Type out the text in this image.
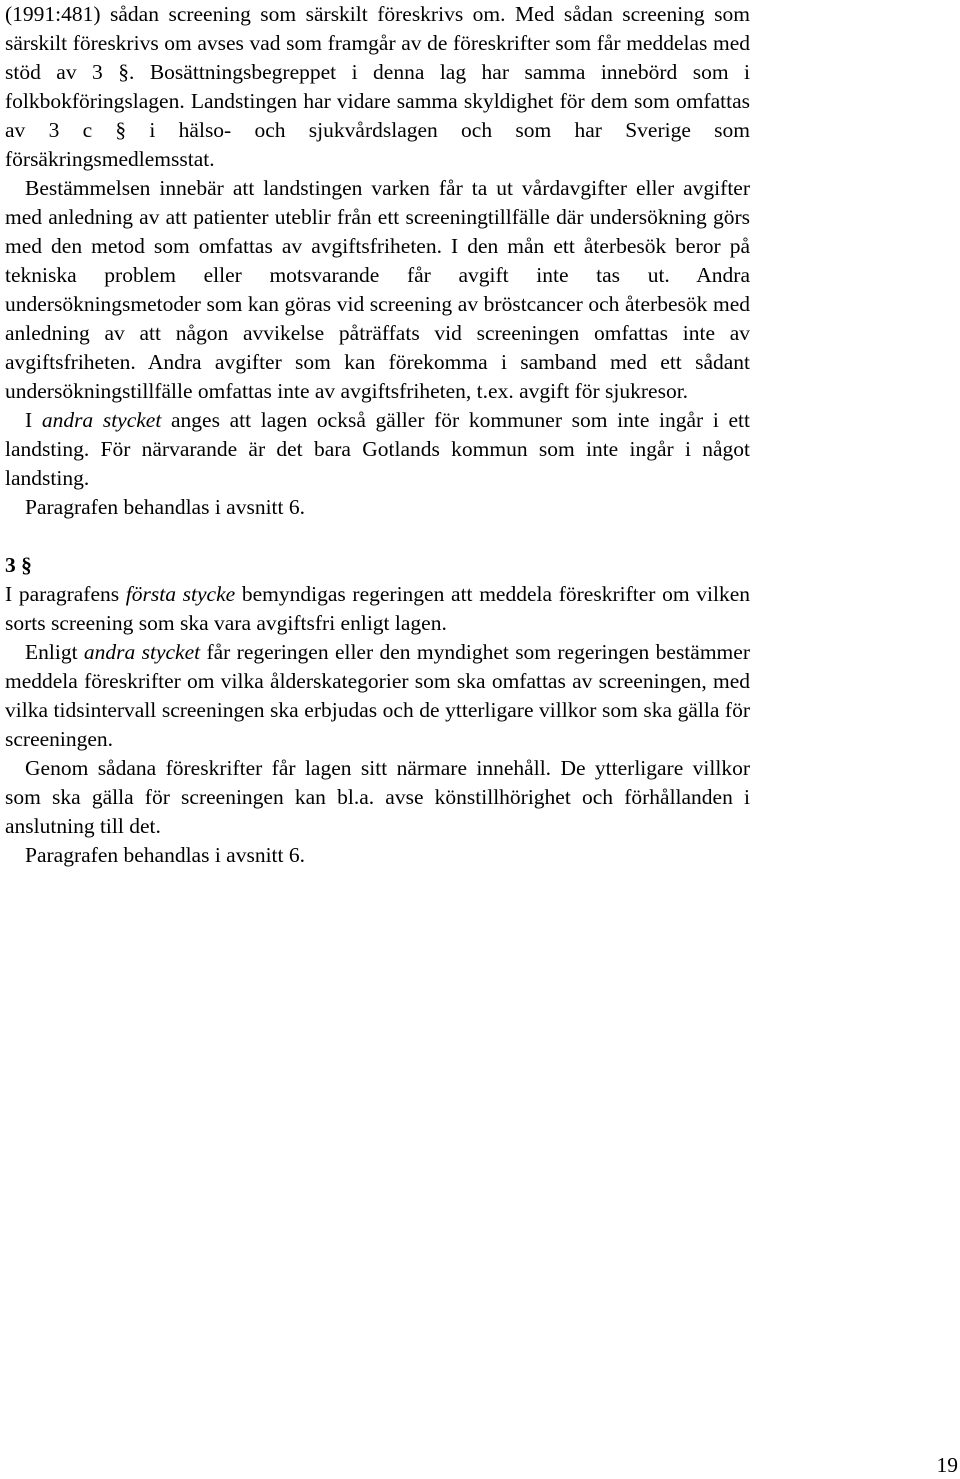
(1991:481) sådan screening som särskilt föreskrivs om. Med sådan screening som särskilt föreskrivs om avses vad som framgår av de föreskrifter som får meddelas med stöd av 3 §. Bosättningsbegreppet i denna lag har samma innebörd som i folkbokföringslagen. Landstingen har vidare samma skyldighet för dem som omfattas av 3 c § i hälso- och sjukvårdslagen och som har Sverige som försäkringsmedlemsstat.

Bestämmelsen innebär att landstingen varken får ta ut vårdavgifter eller avgifter med anledning av att patienter uteblir från ett screeningtillfälle där undersökning görs med den metod som omfattas av avgiftsfriheten. I den mån ett återbesök beror på tekniska problem eller motsvarande får avgift inte tas ut. Andra undersökningsmetoder som kan göras vid screening av bröstcancer och återbesök med anledning av att någon avvikelse påträffats vid screeningen omfattas inte av avgiftsfriheten. Andra avgifter som kan förekomma i samband med ett sådant undersökningstillfälle omfattas inte av avgiftsfriheten, t.ex. avgift för sjukresor.

I andra stycket anges att lagen också gäller för kommuner som inte ingår i ett landsting. För närvarande är det bara Gotlands kommun som inte ingår i något landsting.

Paragrafen behandlas i avsnitt 6.

3 §

I paragrafens första stycke bemyndigas regeringen att meddela föreskrifter om vilken sorts screening som ska vara avgiftsfri enligt lagen.

Enligt andra stycket får regeringen eller den myndighet som regeringen bestämmer meddela föreskrifter om vilka ålderskategorier som ska omfattas av screeningen, med vilka tidsintervall screeningen ska erbjudas och de ytterligare villkor som ska gälla för screeningen.

Genom sådana föreskrifter får lagen sitt närmare innehåll. De ytterligare villkor som ska gälla för screeningen kan bl.a. avse könstillhörighet och förhållanden i anslutning till det.

Paragrafen behandlas i avsnitt 6.

19
